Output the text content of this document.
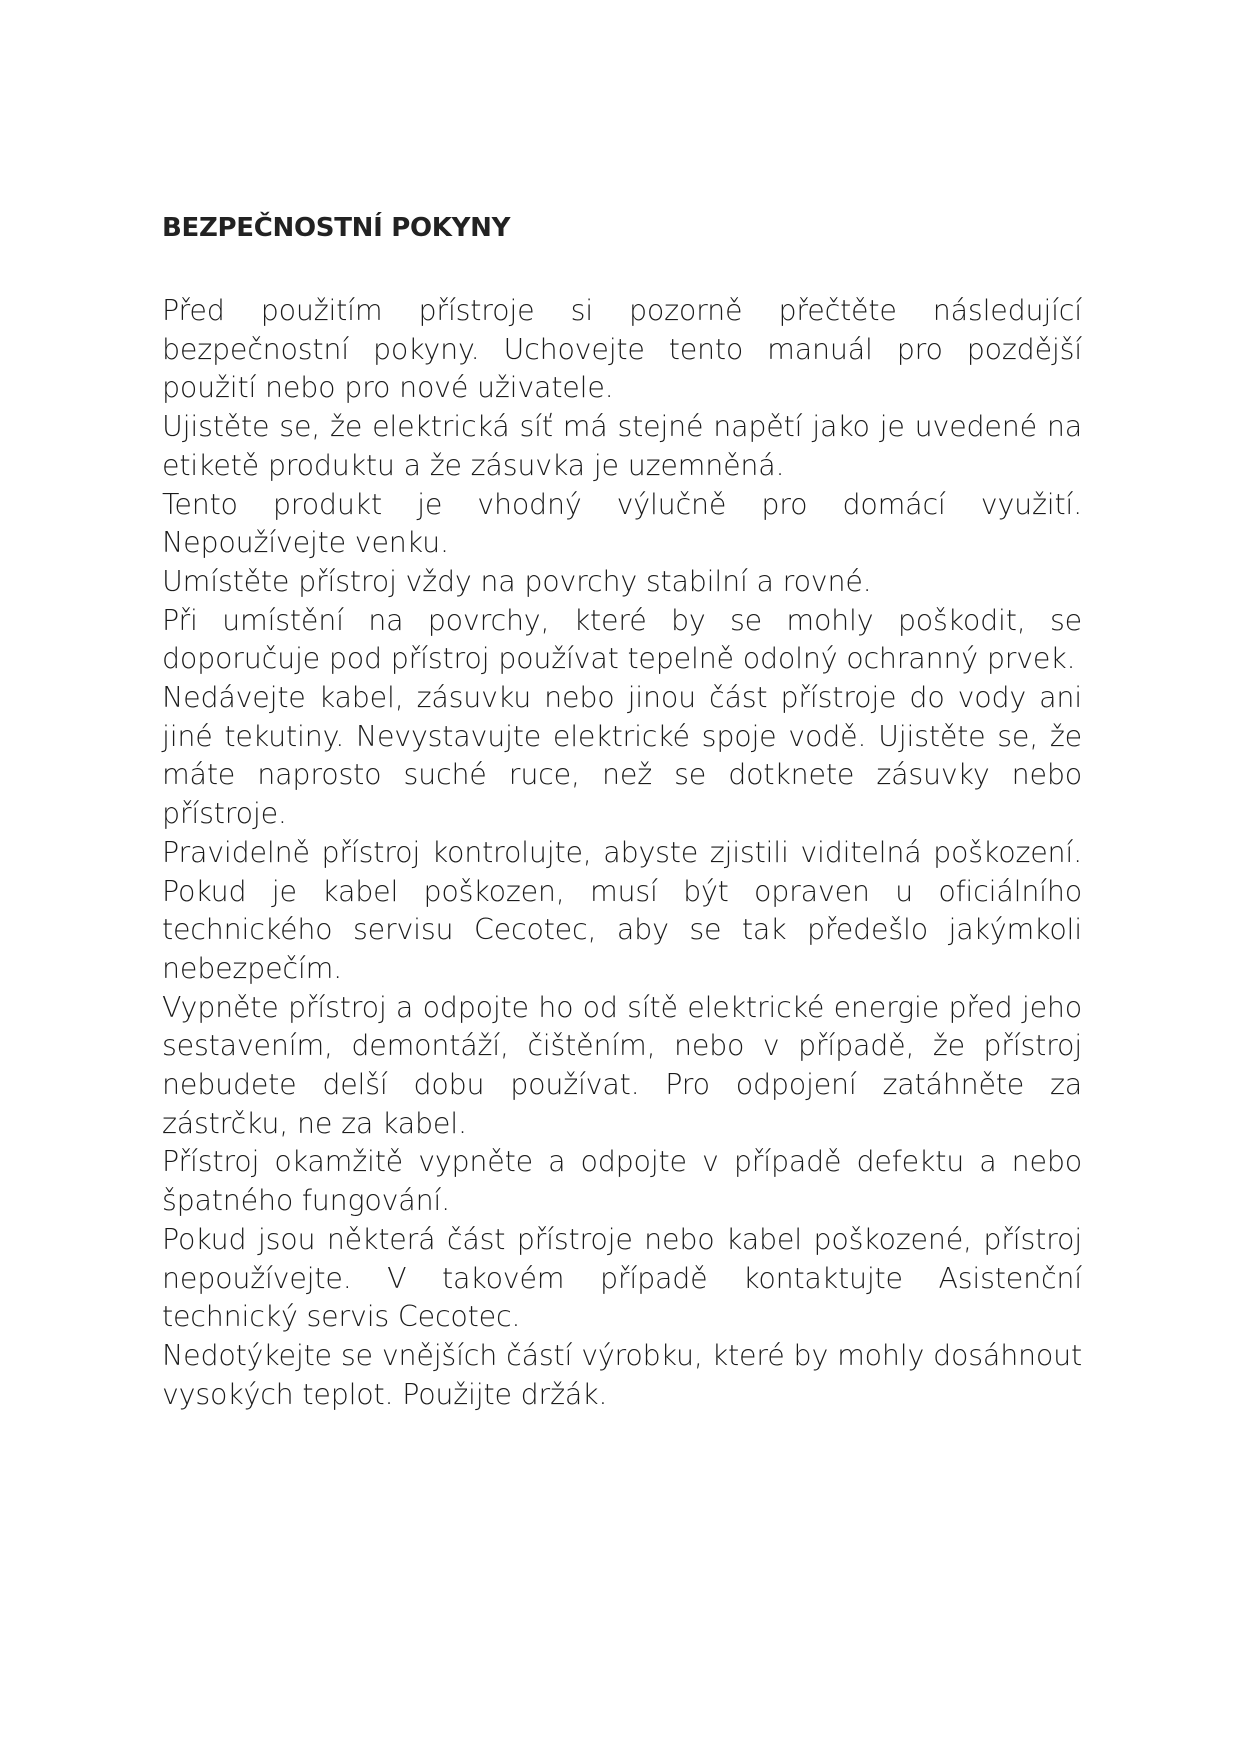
BEZPEČNOSTNÍ POKYNY

Před použitím přístroje si pozorně přečtěte následující bezpečnostní pokyny. Uchovejte tento manuál pro pozdější použití nebo pro nové uživatele.

Ujistěte se, že elektrická síť má stejné napětí jako je uvedené na etiketě produktu a že zásuvka je uzemněná.

Tento produkt je vhodný výlučně pro domácí využití. Nepoužívejte venku.

Umístěte přístroj vždy na povrchy stabilní a rovné.

Při umístění na povrchy, které by se mohly poškodit, se doporučuje pod přístroj používat tepelně odolný ochranný prvek.

Nedávejte kabel, zásuvku nebo jinou část přístroje do vody ani jiné tekutiny. Nevystavujte elektrické spoje vodě. Ujistěte se, že máte naprosto suché ruce, než se dotknete zásuvky nebo přístroje.

Pravidelně přístroj kontrolujte, abyste zjistili viditelná poškození. Pokud je kabel poškozen, musí být opraven u oficiálního technického servisu Cecotec, aby se tak předešlo jakýmkoli nebezpečím.

Vypněte přístroj a odpojte ho od sítě elektrické energie před jeho sestavením, demontáží, čištěním, nebo v případě, že přístroj nebudete delší dobu používat. Pro odpojení zatáhněte za zástrčku, ne za kabel.

Přístroj okamžitě vypněte a odpojte v případě defektu a nebo špatného fungování.

Pokud jsou některá část přístroje nebo kabel poškozené, přístroj nepoužívejte. V takovém případě kontaktujte Asistenční technický servis Cecotec.

Nedotýkejte se vnějších částí výrobku, které by mohly dosáhnout vysokých teplot. Použijte držák.
